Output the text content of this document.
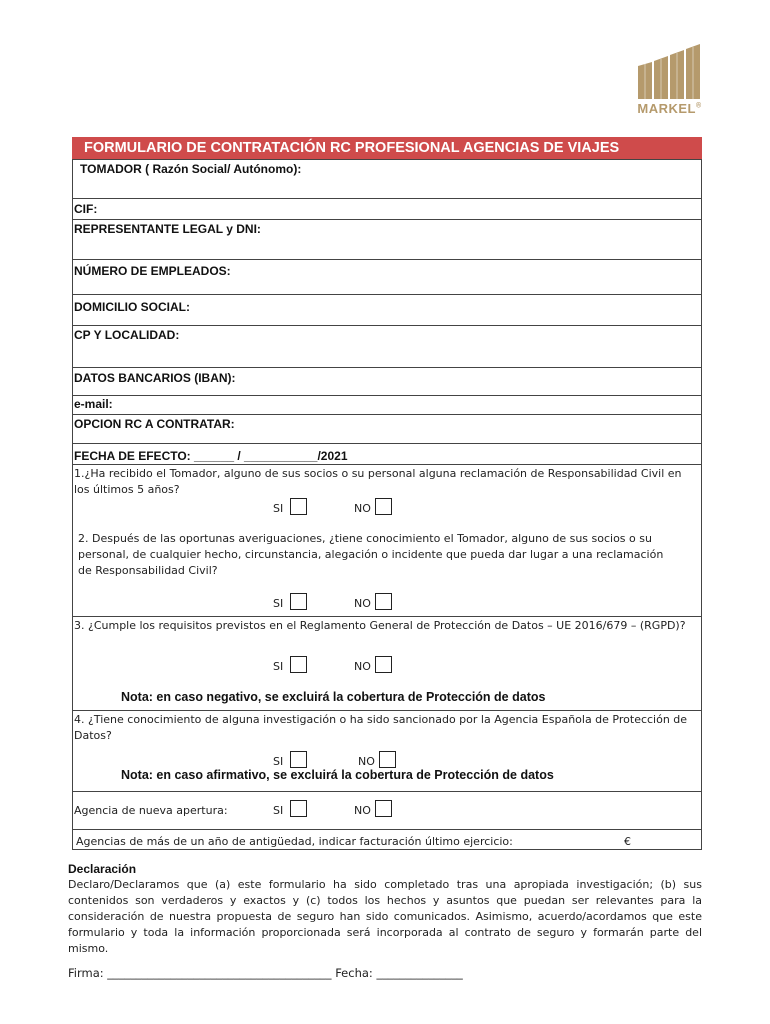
MARKEL®
FORMULARIO DE CONTRATACIÓN RC PROFESIONAL AGENCIAS DE VIAJES
TOMADOR ( Razón Social/ Autónomo):
CIF:
REPRESENTANTE LEGAL y DNI:
NÚMERO DE EMPLEADOS:
DOMICILIO SOCIAL:
CP Y LOCALIDAD:
DATOS BANCARIOS (IBAN):
e-mail:
OPCION RC A CONTRATAR:
FECHA DE EFECTO: ______ / ___________/2021
1.¿Ha recibido el Tomador, alguno de sus socios o su personal alguna reclamación de Responsabilidad Civil en los últimos 5 años?
SI	NO
2. Después de las oportunas averiguaciones, ¿tiene conocimiento el Tomador, alguno de sus socios o su personal, de cualquier hecho, circunstancia, alegación o incidente que pueda dar lugar a una reclamación de Responsabilidad Civil?
SI	NO
3. ¿Cumple los requisitos previstos en el Reglamento General de Protección de Datos – UE 2016/679 – (RGPD)?
SI	NO
Nota: en caso negativo, se excluirá la cobertura de Protección de datos
4. ¿Tiene conocimiento de alguna investigación o ha sido sancionado por la Agencia Española de Protección de Datos?
SI	NO
Nota: en caso afirmativo, se excluirá la cobertura de Protección de datos
Agencia de nueva apertura:	SI	NO
Agencias de más de un año de antigüedad, indicar facturación último ejercicio:	€
Declaración
Declaro/Declaramos que (a) este formulario ha sido completado tras una apropiada investigación; (b) sus contenidos son verdaderos y exactos y (c) todos los hechos y asuntos que puedan ser relevantes para la consideración de nuestra propuesta de seguro han sido comunicados. Asimismo, acuerdo/acordamos que este formulario y toda la información proporcionada será incorporada al contrato de seguro y formarán parte del mismo.
Firma: _______________________________________ Fecha: _______________
